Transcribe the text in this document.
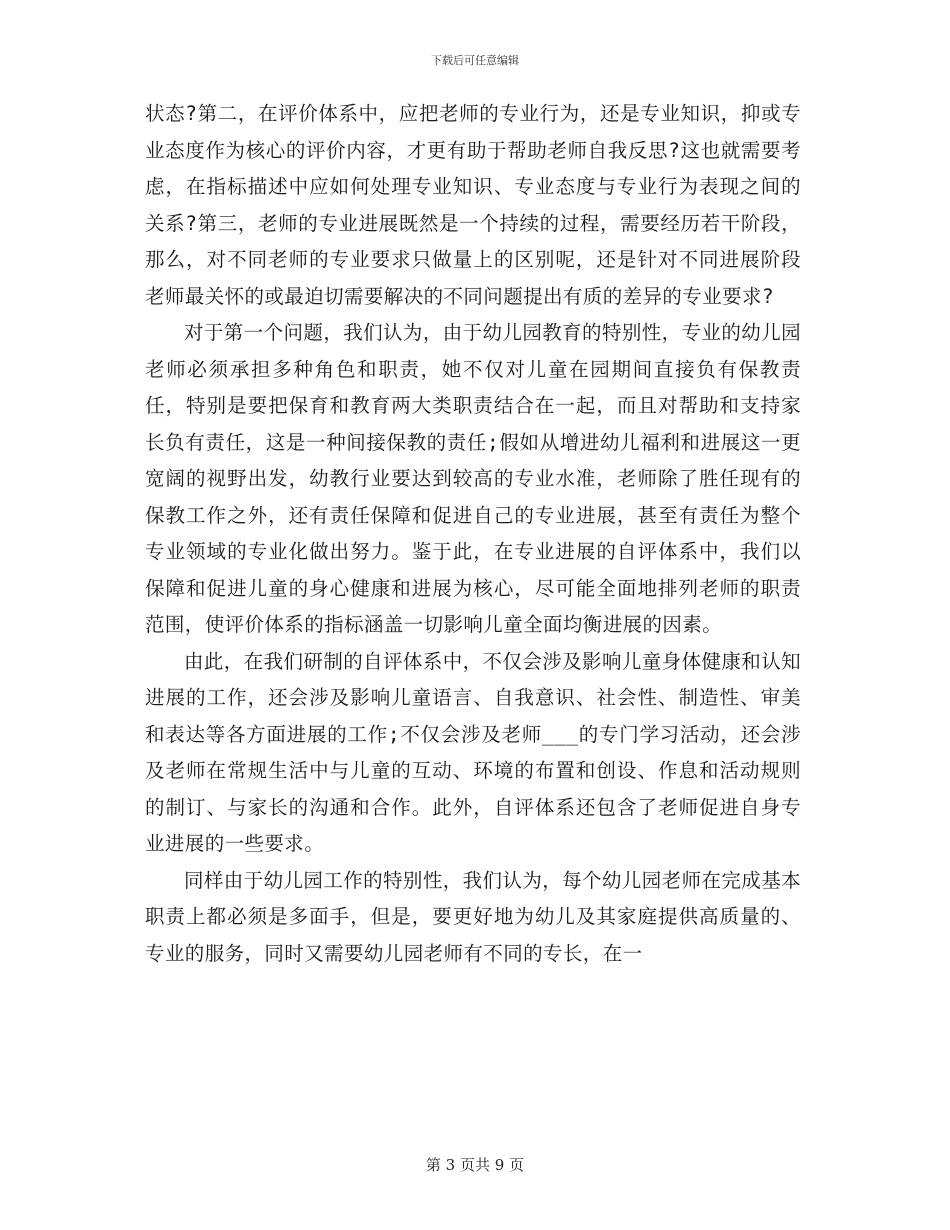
下载后可任意编辑

状态?第二，在评价体系中，应把老师的专业行为，还是专业知识，抑或专业态度作为核心的评价内容，才更有助于帮助老师自我反思?这也就需要考虑，在指标描述中应如何处理专业知识、专业态度与专业行为表现之间的关系?第三，老师的专业进展既然是一个持续的过程，需要经历若干阶段，那么，对不同老师的专业要求只做量上的区别呢，还是针对不同进展阶段老师最关怀的或最迫切需要解决的不同问题提出有质的差异的专业要求?

对于第一个问题，我们认为，由于幼儿园教育的特别性，专业的幼儿园老师必须承担多种角色和职责，她不仅对儿童在园期间直接负有保教责任，特别是要把保育和教育两大类职责结合在一起，而且对帮助和支持家长负有责任，这是一种间接保教的责任;假如从增进幼儿福利和进展这一更宽阔的视野出发，幼教行业要达到较高的专业水准，老师除了胜任现有的保教工作之外，还有责任保障和促进自己的专业进展，甚至有责任为整个专业领域的专业化做出努力。鉴于此，在专业进展的自评体系中，我们以保障和促进儿童的身心健康和进展为核心，尽可能全面地排列老师的职责范围，使评价体系的指标涵盖一切影响儿童全面均衡进展的因素。

由此，在我们研制的自评体系中，不仅会涉及影响儿童身体健康和认知进展的工作，还会涉及影响儿童语言、自我意识、社会性、制造性、审美和表达等各方面进展的工作;不仅会涉及老师___的专门学习活动，还会涉及老师在常规生活中与儿童的互动、环境的布置和创设、作息和活动规则的制订、与家长的沟通和合作。此外，自评体系还包含了老师促进自身专业进展的一些要求。

同样由于幼儿园工作的特别性，我们认为，每个幼儿园老师在完成基本职责上都必须是多面手，但是，要更好地为幼儿及其家庭提供高质量的、专业的服务，同时又需要幼儿园老师有不同的专长，在一

第 3 页共 9 页
